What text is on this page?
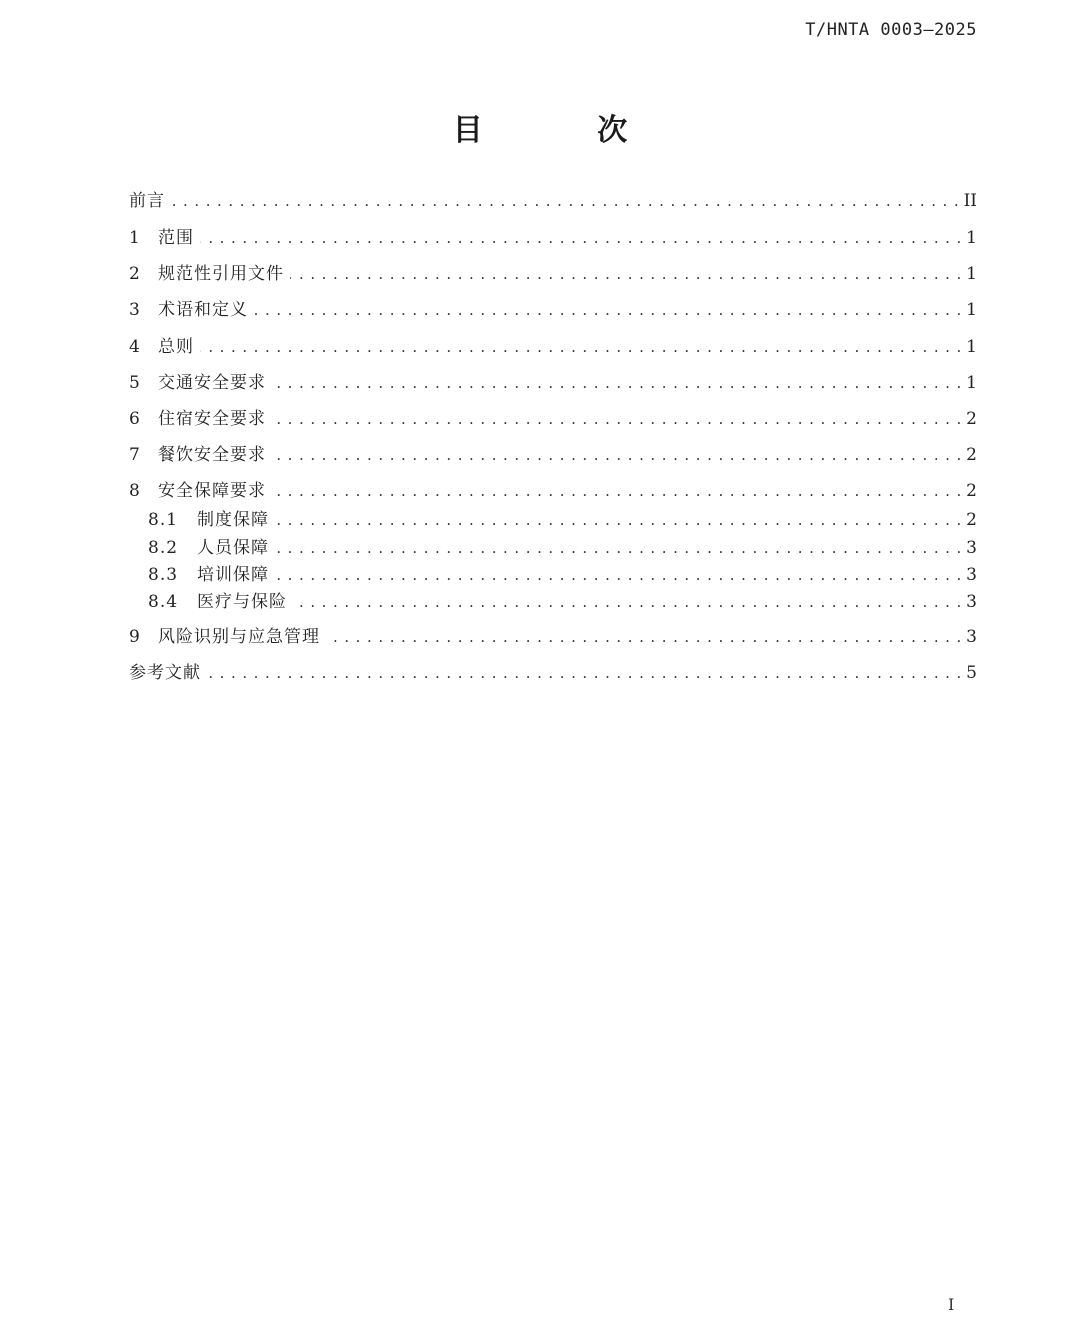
T/HNTA 0003—2025
目 次
前言 . . .	II
1	范围 . . .	1
2	规范性引用文件 . . .	1
3	术语和定义 . . .	1
4	总则 . . .	1
5	交通安全要求 . . .	1
6	住宿安全要求 . . .	2
7	餐饮安全要求 . . .	2
8	安全保障要求 . . .	2
8.1	制度保障 . . .	2
8.2	人员保障 . . .	3
8.3	培训保障 . . .	3
8.4	医疗与保险 . . .	3
9	风险识别与应急管理 . . .	3
参考文献 . . .	5
I
